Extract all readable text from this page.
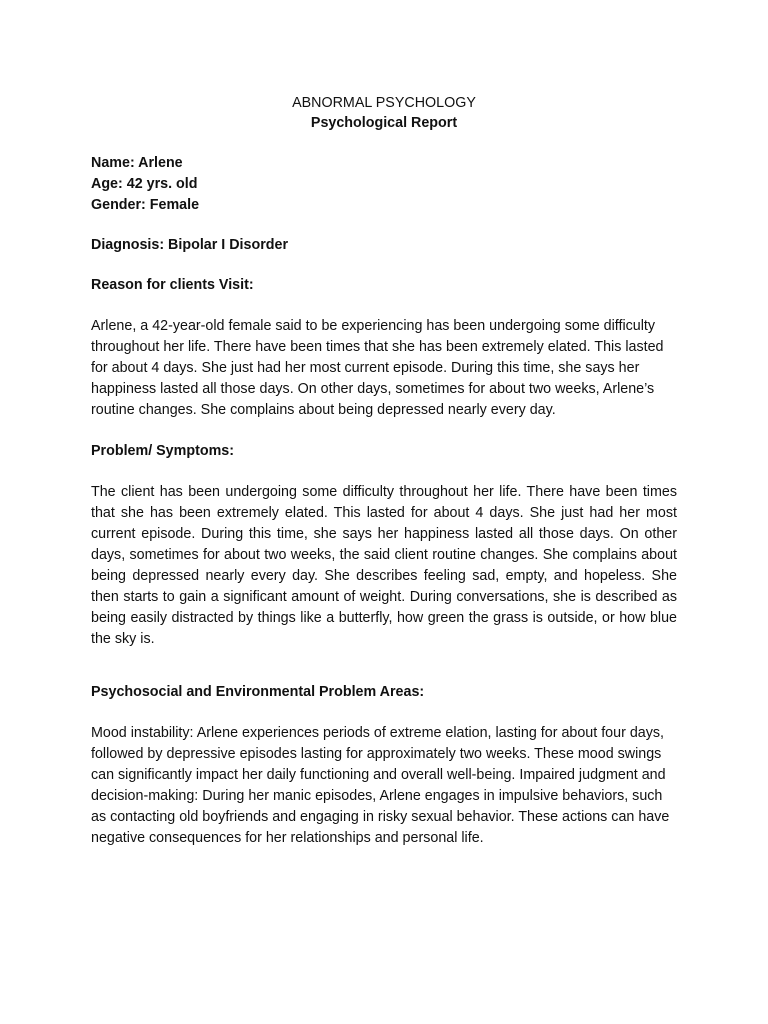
ABNORMAL PSYCHOLOGY

Psychological Report

Name: Arlene

Age: 42 yrs. old

Gender: Female

Diagnosis: Bipolar I Disorder

Reason for clients Visit:

Arlene, a 42-year-old female said to be experiencing has been undergoing some difficulty throughout her life. There have been times that she has been extremely elated. This lasted for about 4 days. She just had her most current episode. During this time, she says her happiness lasted all those days. On other days, sometimes for about two weeks, Arlene’s routine changes. She complains about being depressed nearly every day.

Problem/ Symptoms:

The client has been undergoing some difficulty throughout her life. There have been times that she has been extremely elated. This lasted for about 4 days. She just had her most current episode. During this time, she says her happiness lasted all those days. On other days, sometimes for about two weeks, the said client routine changes. She complains about being depressed nearly every day. She describes feeling sad, empty, and hopeless. She then starts to gain a significant amount of weight. During conversations, she is described as being easily distracted by things like a butterfly, how green the grass is outside, or how blue the sky is.

Psychosocial and Environmental Problem Areas:

Mood instability: Arlene experiences periods of extreme elation, lasting for about four days, followed by depressive episodes lasting for approximately two weeks. These mood swings can significantly impact her daily functioning and overall well-being. Impaired judgment and decision-making: During her manic episodes, Arlene engages in impulsive behaviors, such as contacting old boyfriends and engaging in risky sexual behavior. These actions can have negative consequences for her relationships and personal life.
